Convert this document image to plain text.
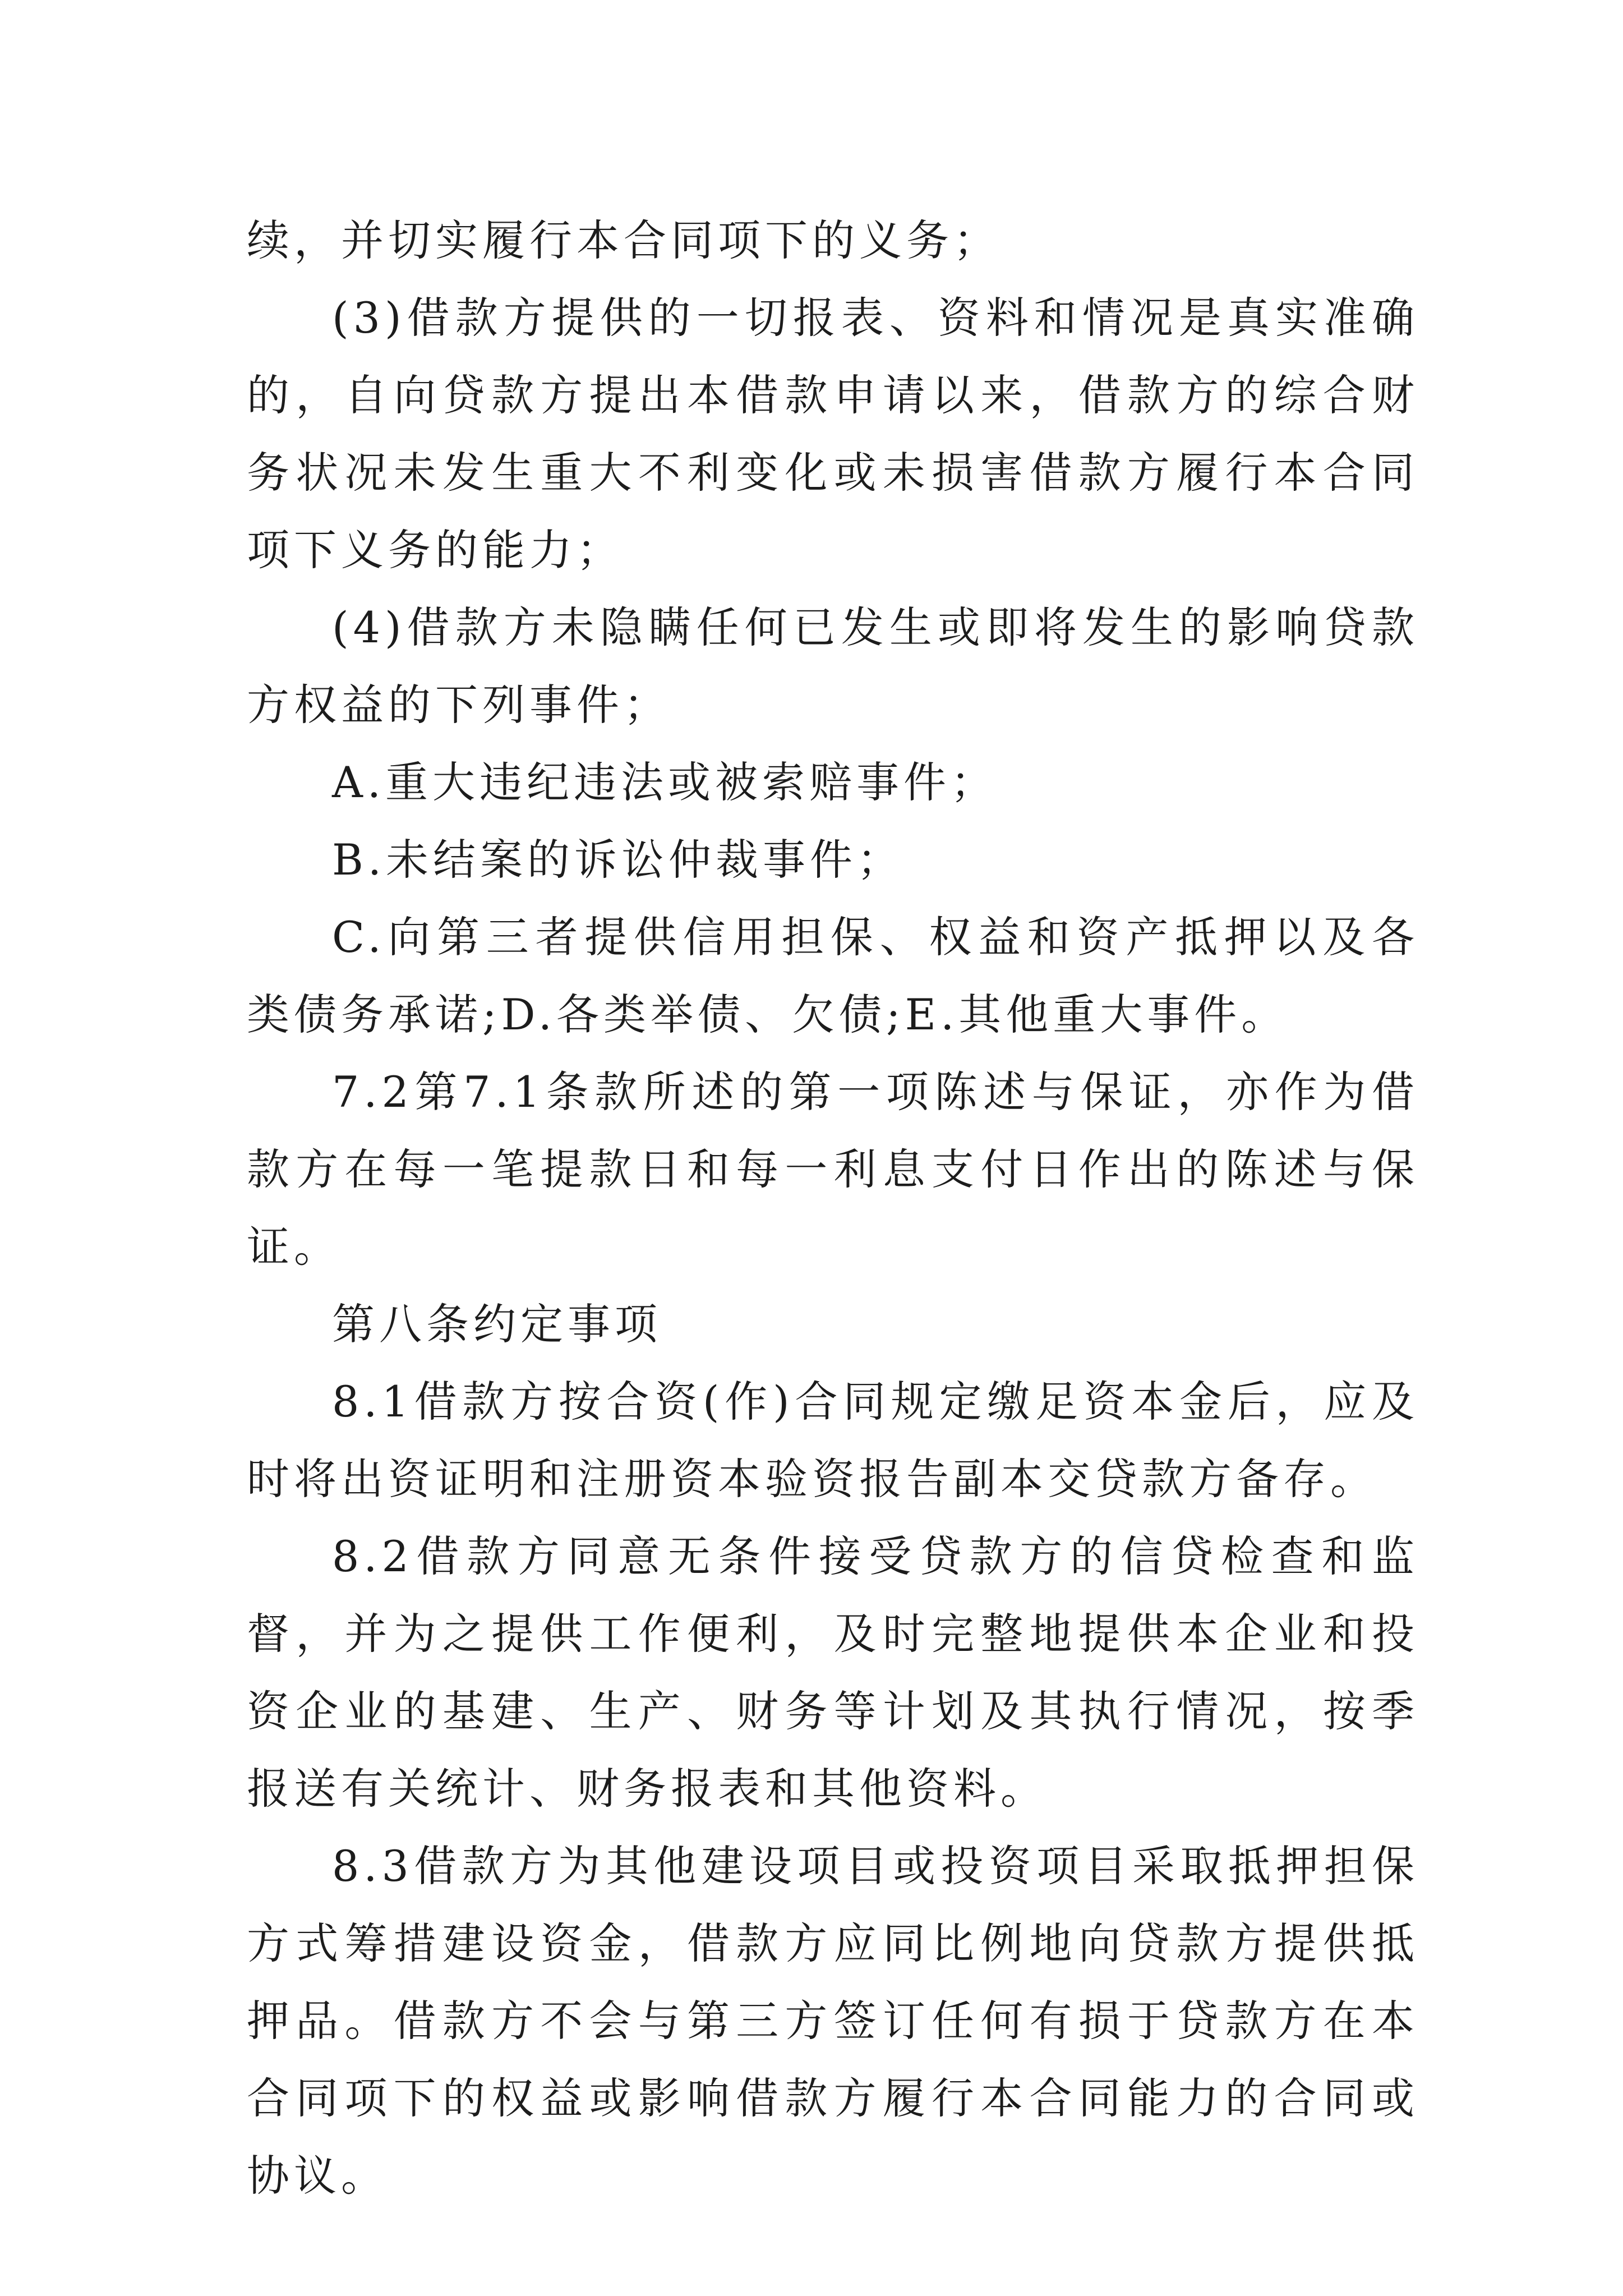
续，并切实履行本合同项下的义务；

(3)借款方提供的一切报表、资料和情况是真实准确的，自向贷款方提出本借款申请以来，借款方的综合财务状况未发生重大不利变化或未损害借款方履行本合同项下义务的能力；

(4)借款方未隐瞒任何已发生或即将发生的影响贷款方权益的下列事件；

A.重大违纪违法或被索赔事件；

B.未结案的诉讼仲裁事件；

C.向第三者提供信用担保、权益和资产抵押以及各类债务承诺;D.各类举债、欠债;E.其他重大事件。

7.2第7.1条款所述的第一项陈述与保证，亦作为借款方在每一笔提款日和每一利息支付日作出的陈述与保证。

第八条约定事项

8.1借款方按合资(作)合同规定缴足资本金后，应及时将出资证明和注册资本验资报告副本交贷款方备存。

8.2借款方同意无条件接受贷款方的信贷检查和监督，并为之提供工作便利，及时完整地提供本企业和投资企业的基建、生产、财务等计划及其执行情况，按季报送有关统计、财务报表和其他资料。

8.3借款方为其他建设项目或投资项目采取抵押担保方式筹措建设资金，借款方应同比例地向贷款方提供抵押品。借款方不会与第三方签订任何有损于贷款方在本合同项下的权益或影响借款方履行本合同能力的合同或协议。
